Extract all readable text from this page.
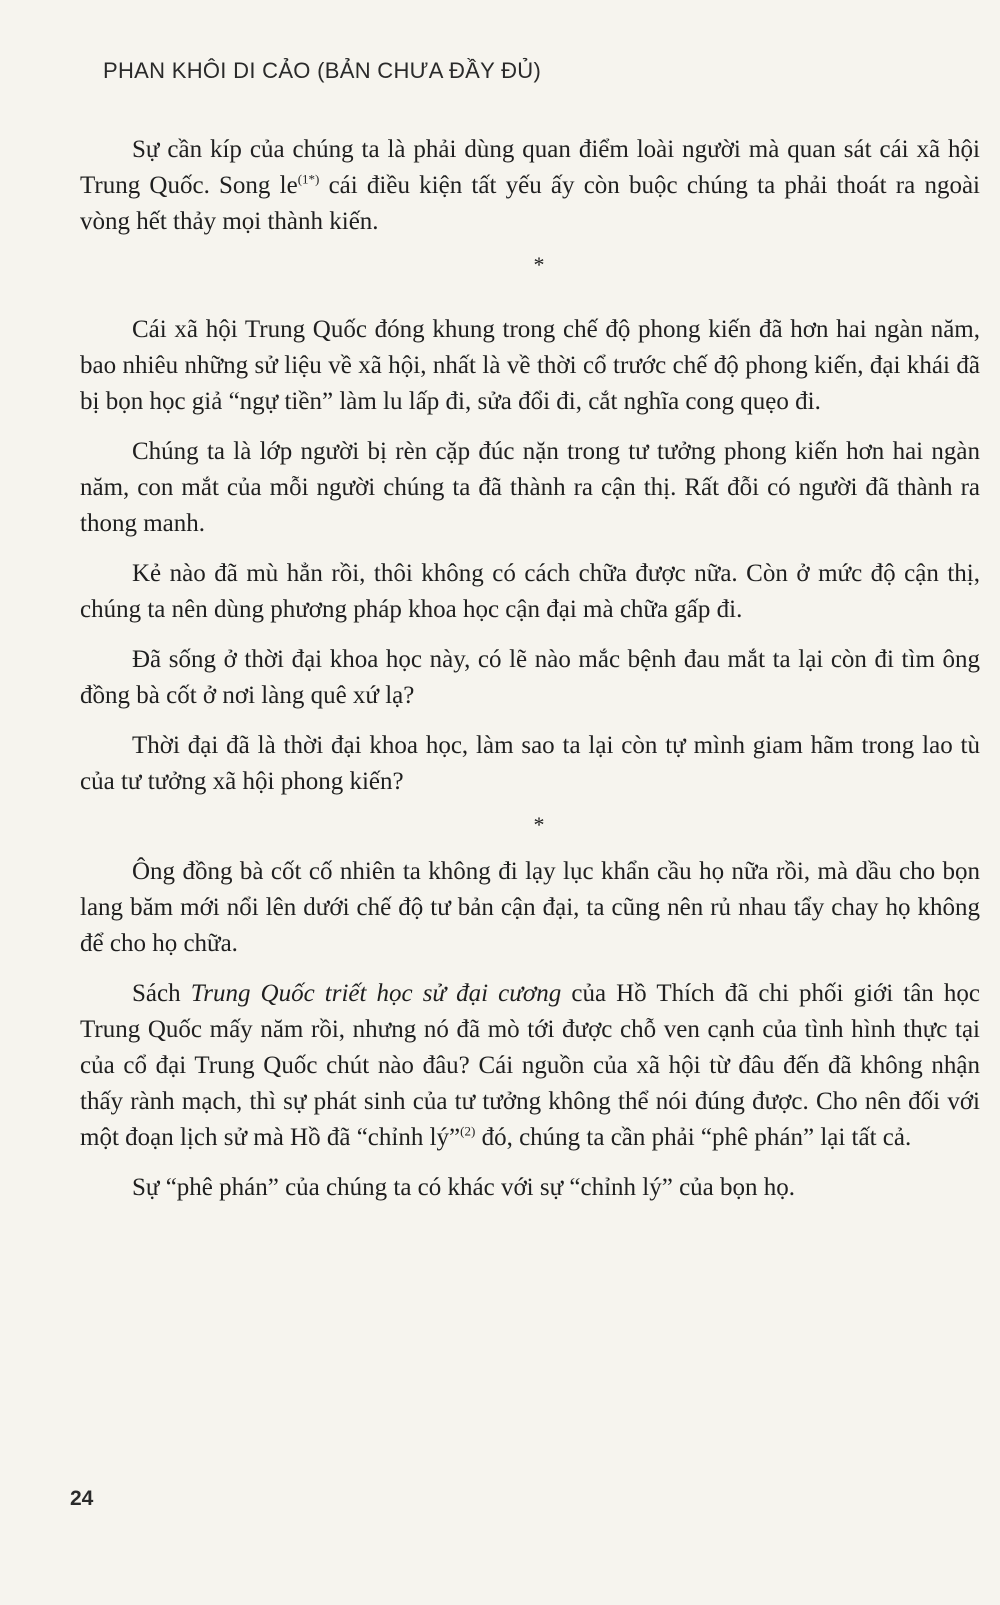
PHAN KHÔI DI CẢO (BẢN CHƯA ĐẦY ĐỦ)

Sự cần kíp của chúng ta là phải dùng quan điểm loài người mà quan sát cái xã hội Trung Quốc. Song $le^{(1*)}$ cái điều kiện tất yếu ấy còn buộc chúng ta phải thoát ra ngoài vòng hết thảy mọi thành kiến.

*

Cái xã hội Trung Quốc đóng khung trong chế độ phong kiến đã hơn hai ngàn năm, bao nhiêu những sử liệu về xã hội, nhất là về thời cổ trước chế độ phong kiến, đại khái đã bị bọn học giả “ngự tiền” làm lu lấp đi, sửa đổi đi, cắt nghĩa cong quẹo đi.

Chúng ta là lớp người bị rèn cặp đúc nặn trong tư tưởng phong kiến hơn hai ngàn năm, con mắt của mỗi người chúng ta đã thành ra cận thị. Rất đỗi có người đã thành ra thong manh.

Kẻ nào đã mù hẳn rồi, thôi không có cách chữa được nữa. Còn ở mức độ cận thị, chúng ta nên dùng phương pháp khoa học cận đại mà chữa gấp đi.

Đã sống ở thời đại khoa học này, có lẽ nào mắc bệnh đau mắt ta lại còn đi tìm ông đồng bà cốt ở nơi làng quê xứ lạ?

Thời đại đã là thời đại khoa học, làm sao ta lại còn tự mình giam hãm trong lao tù của tư tưởng xã hội phong kiến?

*

Ông đồng bà cốt cố nhiên ta không đi lạy lục khẩn cầu họ nữa rồi, mà dầu cho bọn lang băm mới nổi lên dưới chế độ tư bản cận đại, ta cũng nên rủ nhau tẩy chay họ không để cho họ chữa.

Sách Trung Quốc triết học sử đại cương của Hồ Thích đã chi phối giới tân học Trung Quốc mấy năm rồi, nhưng nó đã mò tới được chỗ ven cạnh của tình hình thực tại của cổ đại Trung Quốc chút nào đâu? Cái nguồn của xã hội từ đâu đến đã không nhận thấy rành mạch, thì sự phát sinh của tư tưởng không thể nói đúng được. Cho nên đối với một đoạn lịch sử mà Hồ đã “chỉnh lý”$^{(2)}$ đó, chúng ta cần phải “phê phán” lại tất cả.

Sự “phê phán” của chúng ta có khác với sự “chỉnh lý” của bọn họ.

24
